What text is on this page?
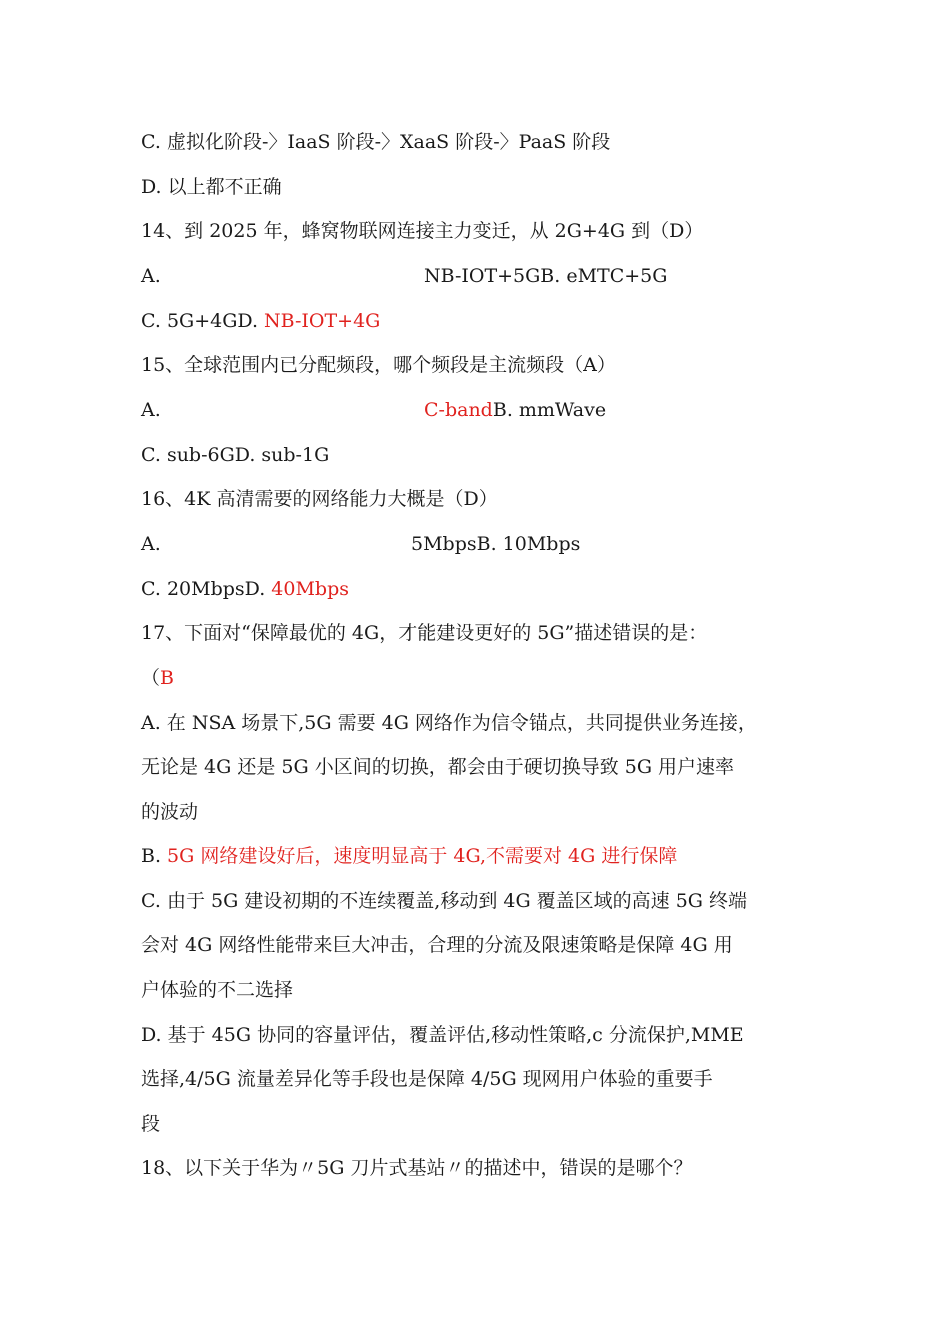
C. 虚拟化阶段-〉IaaS 阶段-〉XaaS 阶段-〉PaaS 阶段
D. 以上都不正确
14、到 2025 年，蜂窝物联网连接主力变迁，从 2G+4G 到（D）
A.	NB-IOT+5GB. eMTC+5G
C. 5G+4GD. NB-IOT+4G
15、全球范围内已分配频段，哪个频段是主流频段（A）
A.	C-bandB. mmWave
C. sub-6GD. sub-1G
16、4K 高清需要的网络能力大概是（D）
A.	5MbpsB. 10Mbps
C. 20MbpsD. 40Mbps
17、下面对“保障最优的 4G，才能建设更好的 5G”描述错误的是：
（B
A. 在 NSA 场景下,5G 需要 4G 网络作为信令锚点，共同提供业务连接，
无论是 4G 还是 5G 小区间的切换，都会由于硬切换导致 5G 用户速率
的波动
B. 5G 网络建设好后，速度明显高于 4G,不需要对 4G 进行保障
C. 由于 5G 建设初期的不连续覆盖,移动到 4G 覆盖区域的高速 5G 终端
会对 4G 网络性能带来巨大冲击，合理的分流及限速策略是保障 4G 用
户体验的不二选择
D. 基于 45G 协同的容量评估，覆盖评估,移动性策略,c 分流保护,MME
选择,4/5G 流量差异化等手段也是保障 4/5G 现网用户体验的重要手
段
18、以下关于华为〃5G 刀片式基站〃的描述中，错误的是哪个？
